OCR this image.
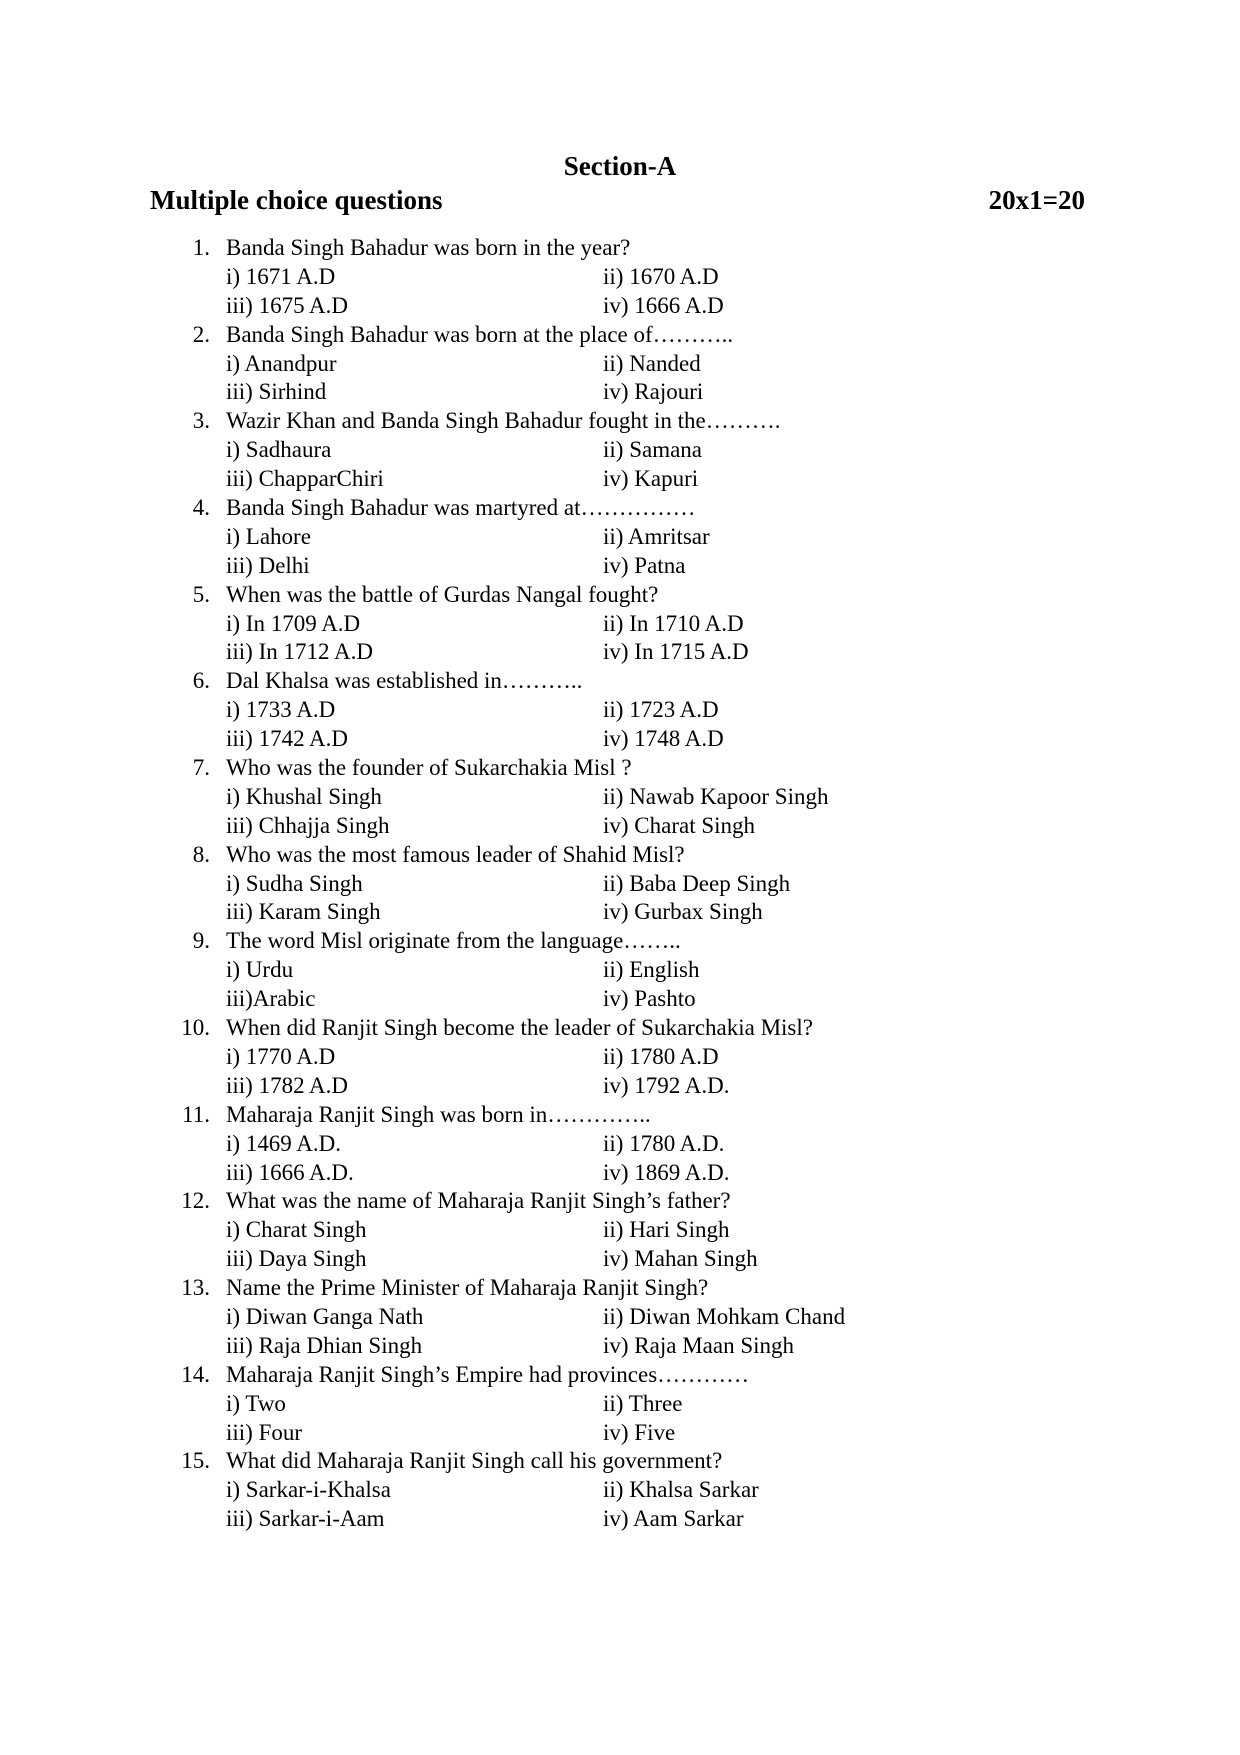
Section-A
Multiple choice questions	20x1=20
1. Banda Singh Bahadur was born in the year?
i) 1671 A.D	ii) 1670 A.D
iii) 1675 A.D	iv) 1666 A.D
2. Banda Singh Bahadur was born at the place of………..
i) Anandpur	ii) Nanded
iii) Sirhind	iv) Rajouri
3. Wazir Khan and Banda Singh Bahadur fought in the……….
i) Sadhaura	ii) Samana
iii) ChapparChiri	iv) Kapuri
4. Banda Singh Bahadur was martyred at……………
i) Lahore	ii) Amritsar
iii) Delhi	iv) Patna
5. When was the battle of Gurdas Nangal fought?
i) In 1709 A.D	ii) In 1710 A.D
iii) In 1712 A.D	iv) In 1715 A.D
6. Dal Khalsa was established in………..
i) 1733 A.D	ii) 1723 A.D
iii) 1742 A.D	iv) 1748 A.D
7. Who was the founder of Sukarchakia Misl ?
i) Khushal Singh	ii) Nawab Kapoor Singh
iii) Chhajja Singh	iv) Charat Singh
8. Who was the most famous leader of Shahid Misl?
i) Sudha Singh	ii) Baba Deep Singh
iii) Karam Singh	iv) Gurbax Singh
9. The word Misl originate from the language……..
i) Urdu	ii) English
iii)Arabic	iv) Pashto
10. When did Ranjit Singh become the leader of Sukarchakia Misl?
i) 1770 A.D	ii) 1780 A.D
iii) 1782 A.D	iv) 1792 A.D.
11. Maharaja Ranjit Singh was born in…………..
i) 1469 A.D.	ii) 1780 A.D.
iii) 1666 A.D.	iv) 1869 A.D.
12. What was the name of Maharaja Ranjit Singh’s father?
i) Charat Singh	ii) Hari Singh
iii) Daya Singh	iv) Mahan Singh
13. Name the Prime Minister of Maharaja Ranjit Singh?
i) Diwan Ganga Nath	ii) Diwan Mohkam Chand
iii) Raja Dhian Singh	iv) Raja Maan Singh
14. Maharaja Ranjit Singh’s Empire had provinces…………
i) Two	ii) Three
iii) Four	iv) Five
15. What did Maharaja Ranjit Singh call his government?
i) Sarkar-i-Khalsa	ii) Khalsa Sarkar
iii) Sarkar-i-Aam	iv) Aam Sarkar
